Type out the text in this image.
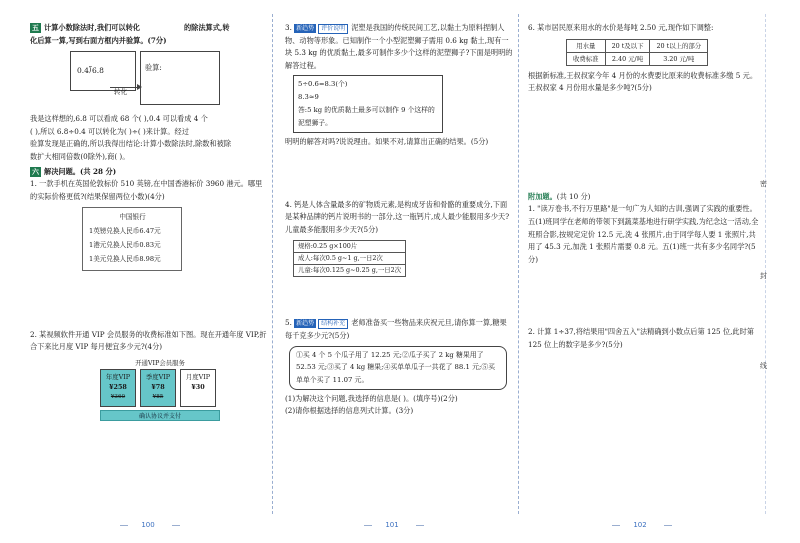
五 计算小数除法时,我们可以转化	的除法算式,转
化后算一算,写到右面方框内并验算。(7分)
0.4⟌6.8
转化
验算:
我是这样想的,6.8 可以看成 68 个( ),0.4 可以看成 4 个
( ),所以 6.8÷0.4 可以转化为( )÷( )来计算。经过
验算发现是正确的,所以我得出结论:计算小数除法时,除数和被除
数扩大相同倍数(0除外),商( )。
六 解决问题。(共 28 分)
1. 一款手机在英国伦敦标价 510 英镑,在中国香港标价 3960 港元。哪里的实际价格更低?(结果保留两位小数)(4分)
中国银行
1英镑兑换人民币6.47元
1港元兑换人民币0.83元
1美元兑换人民币8.98元
2. 某视频软件开通 VIP 会员服务的收费标准如下图。现在开通年度 VIP,折合下来比月度 VIP 每月便宜多少元?(4分)
开通VIP会员服务
年度VIP
¥258
¥360
季度VIP
¥78
¥85
月度VIP
¥30
确认协议并支付
3. 新趋势 评价说明 泥塑是我国的传统民间工艺,以黏土为原料捏制人物、动物等形象。已知制作一个小型泥塑狮子需用 0.6 kg 黏土,现有一块 5.3 kg 的优质黏土,最多可制作多少个这样的泥塑狮子?下面是明明的解答过程。
5÷0.6=8.3(个)
8.3≈9
答:5 kg 的优质黏土最多可以制作 9 个这样的泥塑狮子。
明明的解答对吗?说说理由。如果不对,请算出正确的结果。(5分)
4. 钙是人体含量最多的矿物质元素,是构成牙齿和骨骼的重要成分,下面是某种品牌的钙片说明书的一部分,这一瓶钙片,成人最少能服用多少天?儿童最多能服用多少天?(5分)
规格:0.25 g×100片
成人:每次0.5 g~1 g,一日2次
儿童:每次0.125 g~0.25 g,一日2次
5. 新趋势 结构补充 老师准备买一些物品来庆祝元旦,请你算一算,糖果每千克多少元?(5分)
①买 4 个 5 个瓜子用了 12.25 元;②瓜子买了 2 kg 糖果用了 52.53 元;③买了 4 kg 糖果;④买单单瓜子一共花了 88.1 元;⑤买单单个买了 11.07 元。
(1)为解决这个问题,我选择的信息是( )。(填序号)(2分)
(2)请你根据选择的信息列式计算。(3分)
6. 某市居民原来用水的水价是每吨 2.50 元,现作如下调整:
用水量	20 t及以下	20 t以上的部分
收费标准	2.40 元/吨	3.20 元/吨
根据新标准,王叔叔家今年 4 月份的水费要比原来的收费标准多缴 5 元。王叔叔家 4 月份用水量是多少吨?(5分)
附加题。(共 10 分)
1. "读万卷书,不行万里路"是一句广为人知的古训,强调了实践的重要性。五(1)班同学在老师的带领下到蔬菜基地进行研学实践,为纪念这一活动,全班照合影,按规定定价 12.5 元,洗 4 张照片,由于同学每人要 1 张照片,共用了 45.3 元,加洗 1 张照片需要 0.8 元。五(1)班一共有多少名同学?(5分)
2. 计算 1÷37,将结果用"四舍五入"法精确到小数点后第 125 位,此时第 125 位上的数字是多少?(5分)
密
封
线
100	101	102
